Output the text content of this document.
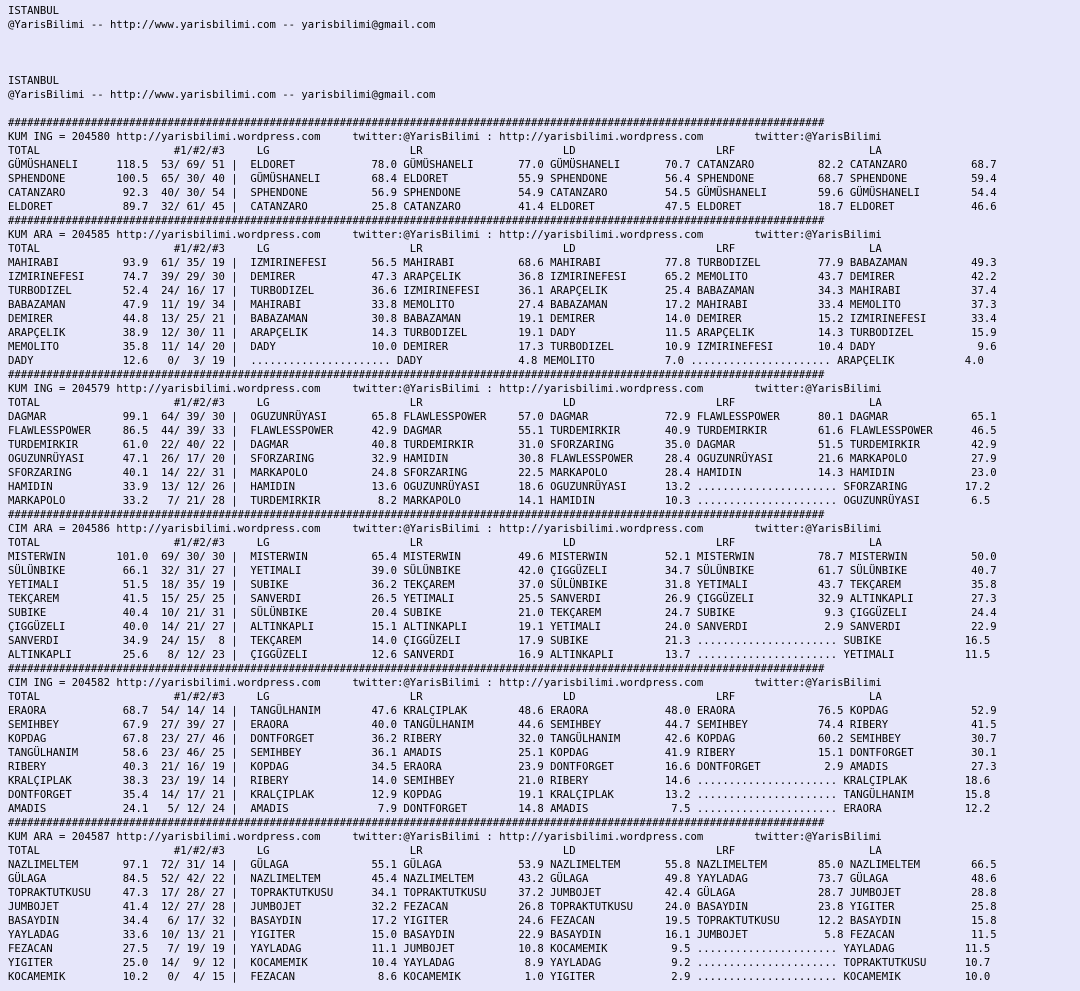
ISTANBUL
@YarisBilimi -- http://www.yarisbilimi.com -- yarisbilimi@gmail.com

ISTANBUL
@YarisBilimi -- http://www.yarisbilimi.com -- yarisbilimi@gmail.com

################################################################################################################################
KUM ING = 204580 http://yarisbilimi.wordpress.com     twitter:@YarisBilimi : http://yarisbilimi.wordpress.com        twitter:@YarisBilimi
TOTAL                     #1/#2/#3     LG                      LR                      LD                      LRF                     LA
GÜMÜSHANELI      118.5  53/ 69/ 51 |  ELDORET            78.0 GÜMÜSHANELI       77.0 GÜMÜSHANELI       70.7 CATANZARO          82.2 CATANZARO          68.7
SPHENDONE        100.5  65/ 30/ 40 |  GÜMÜSHANELI        68.4 ELDORET           55.9 SPHENDONE         56.4 SPHENDONE          68.7 SPHENDONE          59.4
CATANZARO         92.3  40/ 30/ 54 |  SPHENDONE          56.9 SPHENDONE         54.9 CATANZARO         54.5 GÜMÜSHANELI        59.6 GÜMÜSHANELI        54.4
ELDORET           89.7  32/ 61/ 45 |  CATANZARO          25.8 CATANZARO         41.4 ELDORET           47.5 ELDORET            18.7 ELDORET            46.6
################################################################################################################################
KUM ARA = 204585 http://yarisbilimi.wordpress.com     twitter:@YarisBilimi : http://yarisbilimi.wordpress.com        twitter:@YarisBilimi
TOTAL                     #1/#2/#3     LG                      LR                      LD                      LRF                     LA
MAHIRABI          93.9  61/ 35/ 19 |  IZMIRINEFESI       56.5 MAHIRABI          68.6 MAHIRABI          77.8 TURBODIZEL         77.9 BABAZAMAN          49.3
IZMIRINEFESI      74.7  39/ 29/ 30 |  DEMIRER            47.3 ARAPÇELIK         36.8 IZMIRINEFESI      65.2 MEMOLITO           43.7 DEMIRER            42.2
TURBODIZEL        52.4  24/ 16/ 17 |  TURBODIZEL         36.6 IZMIRINEFESI      36.1 ARAPÇELIK         25.4 BABAZAMAN          34.3 MAHIRABI           37.4
BABAZAMAN         47.9  11/ 19/ 34 |  MAHIRABI           33.8 MEMOLITO          27.4 BABAZAMAN         17.2 MAHIRABI           33.4 MEMOLITO           37.3
DEMIRER           44.8  13/ 25/ 21 |  BABAZAMAN          30.8 BABAZAMAN         19.1 DEMIRER           14.0 DEMIRER            15.2 IZMIRINEFESI       33.4
ARAPÇELIK         38.9  12/ 30/ 11 |  ARAPÇELIK          14.3 TURBODIZEL        19.1 DADY              11.5 ARAPÇELIK          14.3 TURBODIZEL         15.9
MEMOLITO          35.8  11/ 14/ 20 |  DADY               10.0 DEMIRER           17.3 TURBODIZEL        10.9 IZMIRINEFESI       10.4 DADY                9.6
DADY              12.6   0/  3/ 19 |  ...................... DADY               4.8 MEMOLITO           7.0 ...................... ARAPÇELIK           4.0
################################################################################################################################
KUM ING = 204579 http://yarisbilimi.wordpress.com     twitter:@YarisBilimi : http://yarisbilimi.wordpress.com        twitter:@YarisBilimi
TOTAL                     #1/#2/#3     LG                      LR                      LD                      LRF                     LA
DAGMAR            99.1  64/ 39/ 30 |  OGUZUNRÜYASI       65.8 FLAWLESSPOWER     57.0 DAGMAR            72.9 FLAWLESSPOWER      80.1 DAGMAR             65.1
FLAWLESSPOWER     86.5  44/ 39/ 33 |  FLAWLESSPOWER      42.9 DAGMAR            55.1 TURDEMIRKIR       40.9 TURDEMIRKIR        61.6 FLAWLESSPOWER      46.5
TURDEMIRKIR       61.0  22/ 40/ 22 |  DAGMAR             40.8 TURDEMIRKIR       31.0 SFORZARING        35.0 DAGMAR             51.5 TURDEMIRKIR        42.9
OGUZUNRÜYASI      47.1  26/ 17/ 20 |  SFORZARING         32.9 HAMIDIN           30.8 FLAWLESSPOWER     28.4 OGUZUNRÜYASI       21.6 MARKAPOLO          27.9
SFORZARING        40.1  14/ 22/ 31 |  MARKAPOLO          24.8 SFORZARING        22.5 MARKAPOLO         28.4 HAMIDIN            14.3 HAMIDIN            23.0
HAMIDIN           33.9  13/ 12/ 26 |  HAMIDIN            13.6 OGUZUNRÜYASI      18.6 OGUZUNRÜYASI      13.2 ...................... SFORZARING         17.2
MARKAPOLO         33.2   7/ 21/ 28 |  TURDEMIRKIR         8.2 MARKAPOLO         14.1 HAMIDIN           10.3 ...................... OGUZUNRÜYASI        6.5
################################################################################################################################
CIM ARA = 204586 http://yarisbilimi.wordpress.com     twitter:@YarisBilimi : http://yarisbilimi.wordpress.com        twitter:@YarisBilimi
TOTAL                     #1/#2/#3     LG                      LR                      LD                      LRF                     LA
MISTERWIN        101.0  69/ 30/ 30 |  MISTERWIN          65.4 MISTERWIN         49.6 MISTERWIN         52.1 MISTERWIN          78.7 MISTERWIN          50.0
SÜLÜNBIKE         66.1  32/ 31/ 27 |  YETIMALI           39.0 SÜLÜNBIKE         42.0 ÇIGGÜZELI         34.7 SÜLÜNBIKE          61.7 SÜLÜNBIKE          40.7
YETIMALI          51.5  18/ 35/ 19 |  SUBIKE             36.2 TEKÇAREM          37.0 SÜLÜNBIKE         31.8 YETIMALI           43.7 TEKÇAREM           35.8
TEKÇAREM          41.5  15/ 25/ 25 |  SANVERDI           26.5 YETIMALI          25.5 SANVERDI          26.9 ÇIGGÜZELI          32.9 ALTINKAPLI         27.3
SUBIKE            40.4  10/ 21/ 31 |  SÜLÜNBIKE          20.4 SUBIKE            21.0 TEKÇAREM          24.7 SUBIKE              9.3 ÇIGGÜZELI          24.4
ÇIGGÜZELI         40.0  14/ 21/ 27 |  ALTINKAPLI         15.1 ALTINKAPLI        19.1 YETIMALI          24.0 SANVERDI            2.9 SANVERDI           22.9
SANVERDI          34.9  24/ 15/  8 |  TEKÇAREM           14.0 ÇIGGÜZELI         17.9 SUBIKE            21.3 ...................... SUBIKE             16.5
ALTINKAPLI        25.6   8/ 12/ 23 |  ÇIGGÜZELI          12.6 SANVERDI          16.9 ALTINKAPLI        13.7 ...................... YETIMALI           11.5
################################################################################################################################
CIM ING = 204582 http://yarisbilimi.wordpress.com     twitter:@YarisBilimi : http://yarisbilimi.wordpress.com        twitter:@YarisBilimi
TOTAL                     #1/#2/#3     LG                      LR                      LD                      LRF                     LA
ERAORA            68.7  54/ 14/ 14 |  TANGÜLHANIM        47.6 KRALÇIPLAK        48.6 ERAORA            48.0 ERAORA             76.5 KOPDAG             52.9
SEMIHBEY          67.9  27/ 39/ 27 |  ERAORA             40.0 TANGÜLHANIM       44.6 SEMIHBEY          44.7 SEMIHBEY           74.4 RIBERY             41.5
KOPDAG            67.8  23/ 27/ 46 |  DONTFORGET         36.2 RIBERY            32.0 TANGÜLHANIM       42.6 KOPDAG             60.2 SEMIHBEY           30.7
TANGÜLHANIM       58.6  23/ 46/ 25 |  SEMIHBEY           36.1 AMADIS            25.1 KOPDAG            41.9 RIBERY             15.1 DONTFORGET         30.1
RIBERY            40.3  21/ 16/ 19 |  KOPDAG             34.5 ERAORA            23.9 DONTFORGET        16.6 DONTFORGET          2.9 AMADIS             27.3
KRALÇIPLAK        38.3  23/ 19/ 14 |  RIBERY             14.0 SEMIHBEY          21.0 RIBERY            14.6 ...................... KRALÇIPLAK         18.6
DONTFORGET        35.4  14/ 17/ 21 |  KRALÇIPLAK         12.9 KOPDAG            19.1 KRALÇIPLAK        13.2 ...................... TANGÜLHANIM        15.8
AMADIS            24.1   5/ 12/ 24 |  AMADIS              7.9 DONTFORGET        14.8 AMADIS             7.5 ...................... ERAORA             12.2
################################################################################################################################
KUM ARA = 204587 http://yarisbilimi.wordpress.com     twitter:@YarisBilimi : http://yarisbilimi.wordpress.com        twitter:@YarisBilimi
TOTAL                     #1/#2/#3     LG                      LR                      LD                      LRF                     LA
NAZLIMELTEM       97.1  72/ 31/ 14 |  GÜLAGA             55.1 GÜLAGA            53.9 NAZLIMELTEM       55.8 NAZLIMELTEM        85.0 NAZLIMELTEM        66.5
GÜLAGA            84.5  52/ 42/ 22 |  NAZLIMELTEM        45.4 NAZLIMELTEM       43.2 GÜLAGA            49.8 YAYLADAG           73.7 GÜLAGA             48.6
TOPRAKTUTKUSU     47.3  17/ 28/ 27 |  TOPRAKTUTKUSU      34.1 TOPRAKTUTKUSU     37.2 JUMBOJET          42.4 GÜLAGA             28.7 JUMBOJET           28.8
JUMBOJET          41.4  12/ 27/ 28 |  JUMBOJET           32.2 FEZACAN           26.8 TOPRAKTUTKUSU     24.0 BASAYDIN           23.8 YIGITER            25.8
BASAYDIN          34.4   6/ 17/ 32 |  BASAYDIN           17.2 YIGITER           24.6 FEZACAN           19.5 TOPRAKTUTKUSU      12.2 BASAYDIN           15.8
YAYLADAG          33.6  10/ 13/ 21 |  YIGITER            15.0 BASAYDIN          22.9 BASAYDIN          16.1 JUMBOJET            5.8 FEZACAN            11.5
FEZACAN           27.5   7/ 19/ 19 |  YAYLADAG           11.1 JUMBOJET          10.8 KOCAMEMIK          9.5 ...................... YAYLADAG           11.5
YIGITER           25.0  14/  9/ 12 |  KOCAMEMIK          10.4 YAYLADAG           8.9 YAYLADAG           9.2 ...................... TOPRAKTUTKUSU      10.7
KOCAMEMIK         10.2   0/  4/ 15 |  FEZACAN             8.6 KOCAMEMIK          1.0 YIGITER            2.9 ...................... KOCAMEMIK          10.0
